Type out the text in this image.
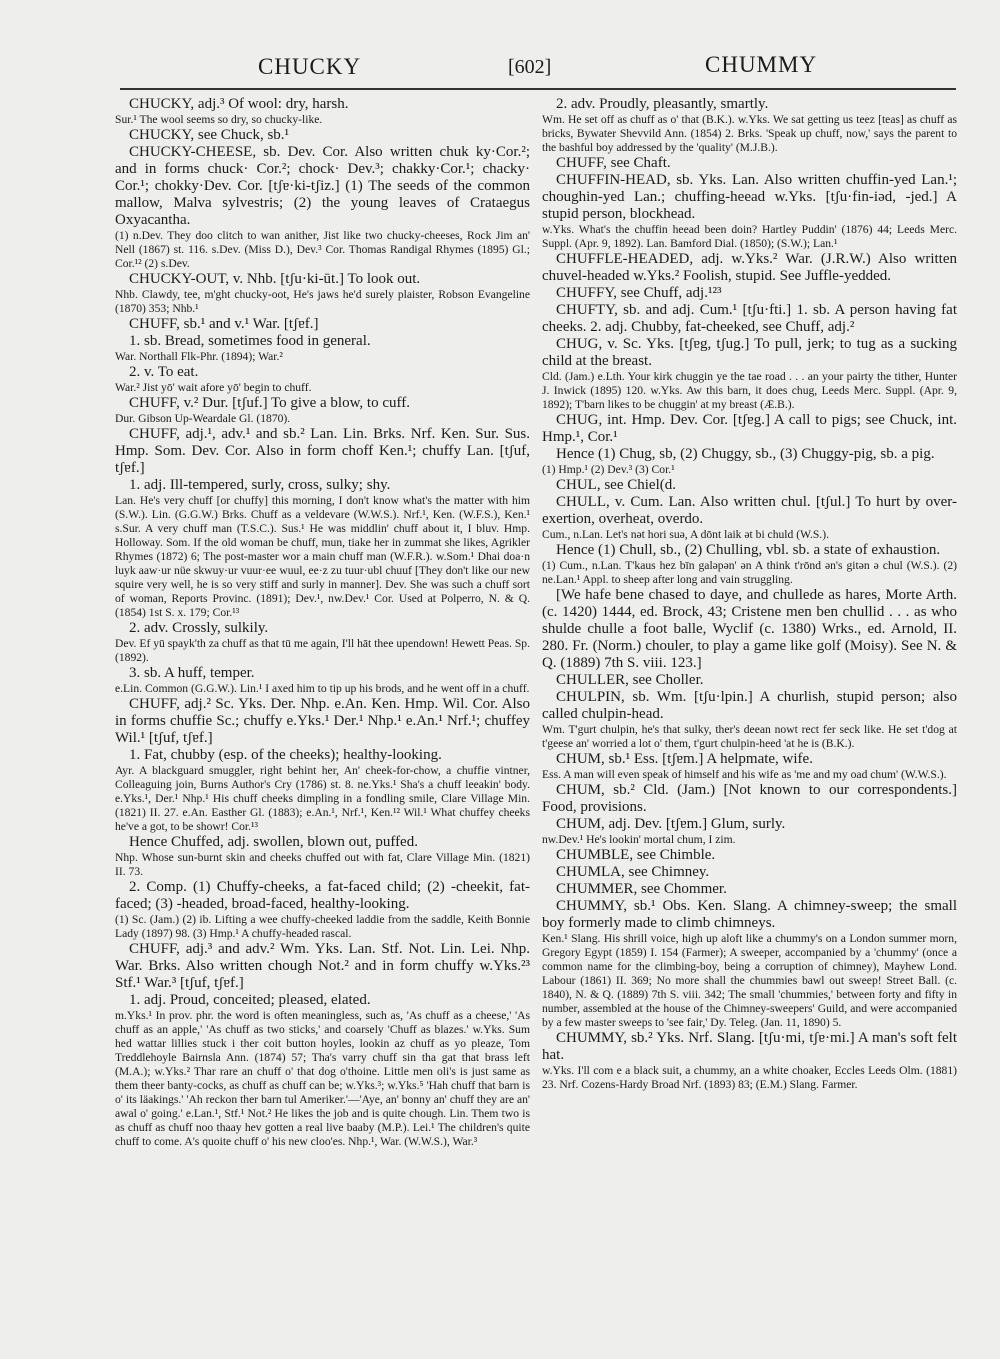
CHUCKY	[602]	CHUMMY

CHUCKY, adj.³ Of wool: dry, harsh.

Sur.¹ The wool seems so dry, so chucky-like.

CHUCKY, see Chuck, sb.¹

CHUCKY-CHEESE, sb. Dev. Cor. Also written chuk ky·Cor.²; and in forms chuck· Cor.²; chock· Dev.³; chakky·Cor.¹; chacky· Cor.¹; chokky·Dev. Cor. [tʃɐ·ki-tʃiz.] (1) The seeds of the common mallow, Malva sylvestris; (2) the young leaves of Crataegus Oxyacantha.

(1) n.Dev. They doo clitch to wan anither, Jist like two chucky-cheeses, Rock Jim an' Nell (1867) st. 116. s.Dev. (Miss D.), Dev.³ Cor. Thomas Randigal Rhymes (1895) Gl.; Cor.¹² (2) s.Dev.

CHUCKY-OUT, v. Nhb. [tʃu·ki-ūt.] To look out.

Nhb. Clawdy, tee, m'ght chucky-oot, He's jaws he'd surely plaister, Robson Evangeline (1870) 353; Nhb.¹

CHUFF, sb.¹ and v.¹ War. [tʃɐf.]

1. sb. Bread, sometimes food in general.

War. Northall Flk-Phr. (1894); War.²

2. v. To eat.

War.² Jist yō' wait afore yō' begin to chuff.

CHUFF, v.² Dur. [tʃuf.] To give a blow, to cuff.

Dur. Gibson Up-Weardale Gl. (1870).

CHUFF, adj.¹, adv.¹ and sb.² Lan. Lin. Brks. Nrf. Ken. Sur. Sus. Hmp. Som. Dev. Cor. Also in form choff Ken.¹; chuffy Lan. [tʃuf, tʃɐf.]

1. adj. Ill-tempered, surly, cross, sulky; shy.

Lan. He's very chuff [or chuffy] this morning, I don't know what's the matter with him (S.W.). Lin. (G.G.W.) Brks. Chuff as a veldevare (W.W.S.). Nrf.¹, Ken. (W.F.S.), Ken.¹ s.Sur. A very chuff man (T.S.C.). Sus.¹ He was middlin' chuff about it, I bluv. Hmp. Holloway. Som. If the old woman be chuff, mun, tiake her in zummat she likes, Agrikler Rhymes (1872) 6; The post-master wor a main chuff man (W.F.R.). w.Som.¹ Dhai doa·n luyk aaw·ur nüe skwuy·ur vuur·ee wuul, ee·z zu tuur·ubl chuuf [They don't like our new squire very well, he is so very stiff and surly in manner]. Dev. She was such a chuff sort of woman, Reports Provinc. (1891); Dev.¹, nw.Dev.¹ Cor. Used at Polperro, N. & Q. (1854) 1st S. x. 179; Cor.¹³

2. adv. Crossly, sulkily.

Dev. Ef yū spayk'th za chuff as that tū me again, I'll hāt thee upendown! Hewett Peas. Sp. (1892).

3. sb. A huff, temper.

e.Lin. Common (G.G.W.). Lin.¹ I axed him to tip up his brods, and he went off in a chuff.

CHUFF, adj.² Sc. Yks. Der. Nhp. e.An. Ken. Hmp. Wil. Cor. Also in forms chuffie Sc.; chuffy e.Yks.¹ Der.¹ Nhp.¹ e.An.¹ Nrf.¹; chuffey Wil.¹ [tʃuf, tʃɐf.]

1. Fat, chubby (esp. of the cheeks); healthy-looking.

Ayr. A blackguard smuggler, right behint her, An' cheek-for-chow, a chuffie vintner, Colleaguing join, Burns Author's Cry (1786) st. 8. ne.Yks.¹ Sha's a chuff leeakin' body. e.Yks.¹, Der.¹ Nhp.¹ His chuff cheeks dimpling in a fondling smile, Clare Village Min. (1821) II. 27. e.An. Easther Gl. (1883); e.An.¹, Nrf.¹, Ken.¹² Wil.¹ What chuffey cheeks he've a got, to be showr! Cor.¹³

Hence Chuffed, adj. swollen, blown out, puffed.

Nhp. Whose sun-burnt skin and cheeks chuffed out with fat, Clare Village Min. (1821) II. 73.

2. Comp. (1) Chuffy-cheeks, a fat-faced child; (2) -cheekit, fat-faced; (3) -headed, broad-faced, healthy-looking.

(1) Sc. (Jam.) (2) ib. Lifting a wee chuffy-cheeked laddie from the saddle, Keith Bonnie Lady (1897) 98. (3) Hmp.¹ A chuffy-headed rascal.

CHUFF, adj.³ and adv.² Wm. Yks. Lan. Stf. Not. Lin. Lei. Nhp. War. Brks. Also written chough Not.² and in form chuffy w.Yks.²³ Stf.¹ War.³ [tʃuf, tʃɐf.]

1. adj. Proud, conceited; pleased, elated.

m.Yks.¹ In prov. phr. the word is often meaningless, such as, 'As chuff as a cheese,' 'As chuff as an apple,' 'As chuff as two sticks,' and coarsely 'Chuff as blazes.' w.Yks. Sum hed wattar lillies stuck i ther coit button hoyles, lookin az chuff as yo pleaze, Tom Treddlehoyle Bairnsla Ann. (1874) 57; Tha's varry chuff sin tha gat that brass left (M.A.); w.Yks.² Thar rare an chuff o' that dog o'thoine. Little men oli's is just same as them theer banty-cocks, as chuff as chuff can be; w.Yks.³; w.Yks.⁵ 'Hah chuff that barn is o' its läakings.' 'Ah reckon ther barn tul Ameriker.'—'Aye, an' bonny an' chuff they are an' awal o' going.' e.Lan.¹, Stf.¹ Not.² He likes the job and is quite chough. Lin. Them two is as chuff as chuff noo thaay hev gotten a real live baaby (M.P.). Lei.¹ The children's quite chuff to come. A's quoite chuff o' his new cloo'es. Nhp.¹, War. (W.W.S.), War.³

2. adv. Proudly, pleasantly, smartly.

Wm. He set off as chuff as o' that (B.K.). w.Yks. We sat getting us teez [teas] as chuff as bricks, Bywater Shevvild Ann. (1854) 2. Brks. 'Speak up chuff, now,' says the parent to the bashful boy addressed by the 'quality' (M.J.B.).

CHUFF, see Chaft.

CHUFFIN-HEAD, sb. Yks. Lan. Also written chuffin-yed Lan.¹; choughin-yed Lan.; chuffing-heead w.Yks. [tʃu·fin-iəd, -jed.] A stupid person, blockhead.

w.Yks. What's the chuffin heead been doin? Hartley Puddin' (1876) 44; Leeds Merc. Suppl. (Apr. 9, 1892). Lan. Bamford Dial. (1850); (S.W.); Lan.¹

CHUFFLE-HEADED, adj. w.Yks.² War. (J.R.W.) Also written chuvel-headed w.Yks.² Foolish, stupid. See Juffle-yedded.

CHUFFY, see Chuff, adj.¹²³

CHUFTY, sb. and adj. Cum.¹ [tʃu·fti.] 1. sb. A person having fat cheeks. 2. adj. Chubby, fat-cheeked, see Chuff, adj.²

CHUG, v. Sc. Yks. [tʃɐg, tʃug.] To pull, jerk; to tug as a sucking child at the breast.

Cld. (Jam.) e.Lth. Your kirk chuggin ye the tae road . . . an your pairty the tither, Hunter J. Inwick (1895) 120. w.Yks. Aw this barn, it does chug, Leeds Merc. Suppl. (Apr. 9, 1892); T'barn likes to be chuggin' at my breast (Æ.B.).

CHUG, int. Hmp. Dev. Cor. [tʃɐg.] A call to pigs; see Chuck, int. Hmp.¹, Cor.¹

Hence (1) Chug, sb, (2) Chuggy, sb., (3) Chuggy-pig, sb. a pig.

(1) Hmp.¹ (2) Dev.³ (3) Cor.¹

CHUL, see Chiel(d.

CHULL, v. Cum. Lan. Also written chul. [tʃul.] To hurt by over-exertion, overheat, overdo.

Cum., n.Lan. Let's nət hori suə, A dōnt laik ət bi chuld (W.S.).

Hence (1) Chull, sb., (2) Chulling, vbl. sb. a state of exhaustion.

(1) Cum., n.Lan. T'kaus hez bīn galəpən' ən A think t'rōnd ən's gitən ə chul (W.S.). (2) ne.Lan.¹ Appl. to sheep after long and vain struggling.

[We hafe bene chased to daye, and chullede as hares, Morte Arth. (c. 1420) 1444, ed. Brock, 43; Cristene men ben chullid . . . as who shulde chulle a foot balle, Wyclif (c. 1380) Wrks., ed. Arnold, II. 280. Fr. (Norm.) chouler, to play a game like golf (Moisy). See N. & Q. (1889) 7th S. viii. 123.]

CHULLER, see Choller.

CHULPIN, sb. Wm. [tʃu·lpin.] A churlish, stupid person; also called chulpin-head.

Wm. T'gurt chulpin, he's that sulky, ther's deean nowt rect fer seck like. He set t'dog at t'geese an' worried a lot o' them, t'gurt chulpin-heed 'at he is (B.K.).

CHUM, sb.¹ Ess. [tʃɐm.] A helpmate, wife.

Ess. A man will even speak of himself and his wife as 'me and my oad chum' (W.W.S.).

CHUM, sb.² Cld. (Jam.) [Not known to our correspondents.] Food, provisions.

CHUM, adj. Dev. [tʃɐm.] Glum, surly.

nw.Dev.¹ He's lookin' mortal chum, I zim.

CHUMBLE, see Chimble.

CHUMLA, see Chimney.

CHUMMER, see Chommer.

CHUMMY, sb.¹ Obs. Ken. Slang. A chimney-sweep; the small boy formerly made to climb chimneys.

Ken.¹ Slang. His shrill voice, high up aloft like a chummy's on a London summer morn, Gregory Egypt (1859) I. 154 (Farmer); A sweeper, accompanied by a 'chummy' (once a common name for the climbing-boy, being a corruption of chimney), Mayhew Lond. Labour (1861) II. 369; No more shall the chummies bawl out sweep! Street Ball. (c. 1840), N. & Q. (1889) 7th S. viii. 342; The small 'chummies,' between forty and fifty in number, assembled at the house of the Chimney-sweepers' Guild, and were accompanied by a few master sweeps to 'see fair,' Dy. Teleg. (Jan. 11, 1890) 5.

CHUMMY, sb.² Yks. Nrf. Slang. [tʃu·mi, tʃɐ·mi.] A man's soft felt hat.

w.Yks. I'll com e a black suit, a chummy, an a white choaker, Eccles Leeds Olm. (1881) 23. Nrf. Cozens-Hardy Broad Nrf. (1893) 83; (E.M.) Slang. Farmer.
